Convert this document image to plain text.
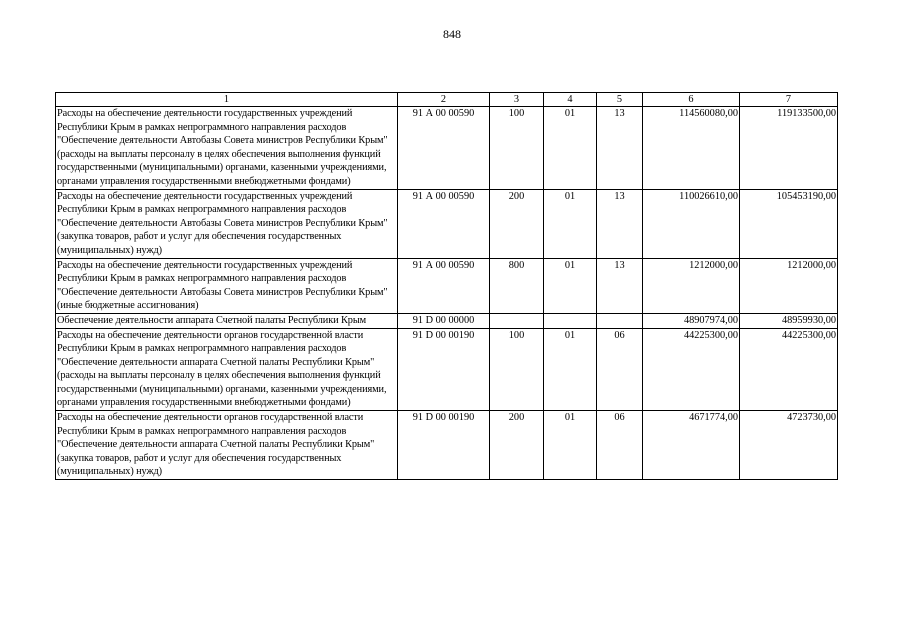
848
1	2	3	4	5	6	7
Расходы на обеспечение деятельности государственных учреждений Республики Крым в рамках непрограммного направления расходов "Обеспечение деятельности Автобазы Совета министров Республики Крым" (расходы на выплаты персоналу в целях обеспечения выполнения функций государственными (муниципальными) органами, казенными учреждениями, органами управления государственными внебюджетными фондами)	91 А 00 00590	100	01	13	114560080,00	119133500,00
Расходы на обеспечение деятельности государственных учреждений Республики Крым в рамках непрограммного направления расходов "Обеспечение деятельности Автобазы Совета министров Республики Крым" (закупка товаров, работ и услуг для обеспечения государственных (муниципальных) нужд)	91 А 00 00590	200	01	13	110026610,00	105453190,00
Расходы на обеспечение деятельности государственных учреждений Республики Крым в рамках непрограммного направления расходов "Обеспечение деятельности Автобазы Совета министров Республики Крым" (иные бюджетные ассигнования)	91 А 00 00590	800	01	13	1212000,00	1212000,00
Обеспечение деятельности аппарата Счетной палаты Республики Крым	91 D 00 00000				48907974,00	48959930,00
Расходы на обеспечение деятельности органов государственной власти Республики Крым в рамках непрограммного направления расходов "Обеспечение деятельности аппарата Счетной палаты Республики Крым" (расходы на выплаты персоналу в целях обеспечения выполнения функций государственными (муниципальными) органами, казенными учреждениями, органами управления государственными внебюджетными фондами)	91 D 00 00190	100	01	06	44225300,00	44225300,00
Расходы на обеспечение деятельности органов государственной власти Республики Крым в рамках непрограммного направления расходов "Обеспечение деятельности аппарата Счетной палаты Республики Крым" (закупка товаров, работ и услуг для обеспечения государственных (муниципальных) нужд)	91 D 00 00190	200	01	06	4671774,00	4723730,00
